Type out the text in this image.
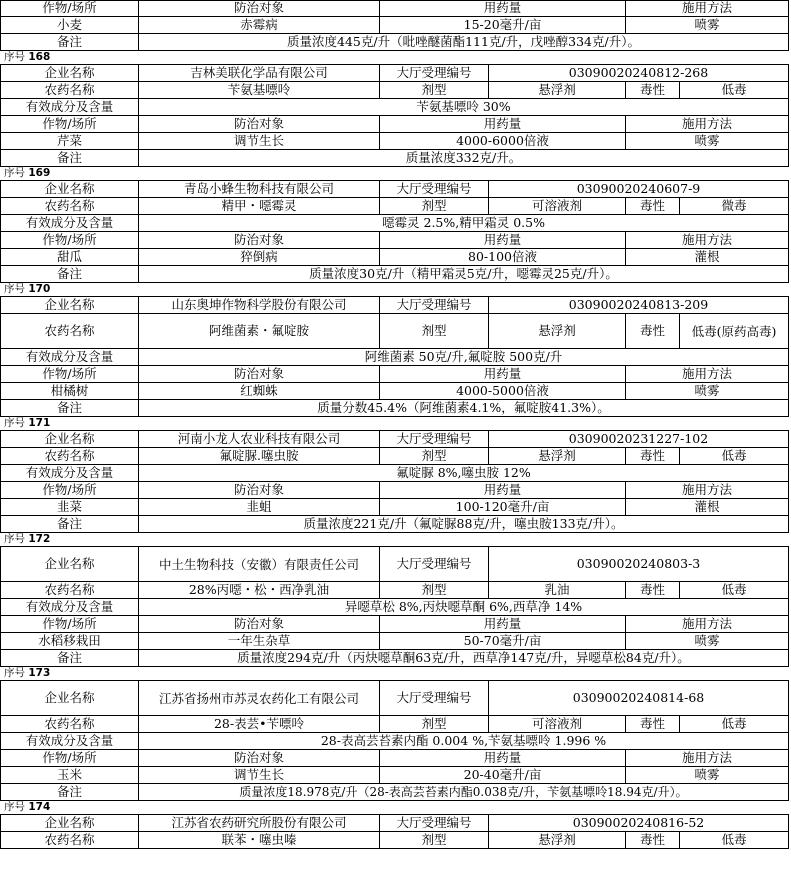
作物/场所	防治对象	用药量	施用方法
小麦	赤霉病	15-20毫升/亩	喷雾
备注	质量浓度445克/升（吡唑醚菌酯111克/升，戊唑醇334克/升）。
序号 168
企业名称	吉林美联化学品有限公司	大厅受理编号	03090020240812-268
农药名称	苄氨基嘌呤	剂型	悬浮剂	毒性	低毒
有效成分及含量	苄氨基嘌呤 30%
作物/场所	防治对象	用药量	施用方法
芹菜	调节生长	4000-6000倍液	喷雾
备注	质量浓度332克/升。
序号 169
企业名称	青岛小蜂生物科技有限公司	大厅受理编号	03090020240607-9
农药名称	精甲・噁霉灵	剂型	可溶液剂	毒性	微毒
有效成分及含量	噁霉灵 2.5%,精甲霜灵 0.5%
作物/场所	防治对象	用药量	施用方法
甜瓜	猝倒病	80-100倍液	灌根
备注	质量浓度30克/升（精甲霜灵5克/升，噁霉灵25克/升）。
序号 170
企业名称	山东奥坤作物科学股份有限公司	大厅受理编号	03090020240813-209
农药名称	阿维菌素・氟啶胺	剂型	悬浮剂	毒性	低毒(原药高毒)
有效成分及含量	阿维菌素 50克/升,氟啶胺 500克/升
作物/场所	防治对象	用药量	施用方法
柑橘树	红蜘蛛	4000-5000倍液	喷雾
备注	质量分数45.4%（阿维菌素4.1%，氟啶胺41.3%）。
序号 171
企业名称	河南小龙人农业科技有限公司	大厅受理编号	03090020231227-102
农药名称	氟啶脲.噻虫胺	剂型	悬浮剂	毒性	低毒
有效成分及含量	氟啶脲 8%,噻虫胺 12%
作物/场所	防治对象	用药量	施用方法
韭菜	韭蛆	100-120毫升/亩	灌根
备注	质量浓度221克/升（氟啶脲88克/升，噻虫胺133克/升）。
序号 172
企业名称	中土生物科技（安徽）有限责任公司	大厅受理编号	03090020240803-3
农药名称	28%丙噁・松・西净乳油	剂型	乳油	毒性	低毒
有效成分及含量	异噁草松 8%,丙炔噁草酮 6%,西草净 14%
作物/场所	防治对象	用药量	施用方法
水稻移栽田	一年生杂草	50-70毫升/亩	喷雾
备注	质量浓度294克/升（丙炔噁草酮63克/升，西草净147克/升，异噁草松84克/升）。
序号 173
企业名称	江苏省扬州市苏灵农药化工有限公司	大厅受理编号	03090020240814-68
农药名称	28-表芸•苄嘌呤	剂型	可溶液剂	毒性	低毒
有效成分及含量	28-表高芸苔素内酯 0.004 %,苄氨基嘌呤 1.996 %
作物/场所	防治对象	用药量	施用方法
玉米	调节生长	20-40毫升/亩	喷雾
备注	质量浓度18.978克/升（28-表高芸苔素内酯0.038克/升，苄氨基嘌呤18.94克/升）。
序号 174
企业名称	江苏省农药研究所股份有限公司	大厅受理编号	03090020240816-52
农药名称	联苯・噻虫嗪	剂型	悬浮剂	毒性	低毒
